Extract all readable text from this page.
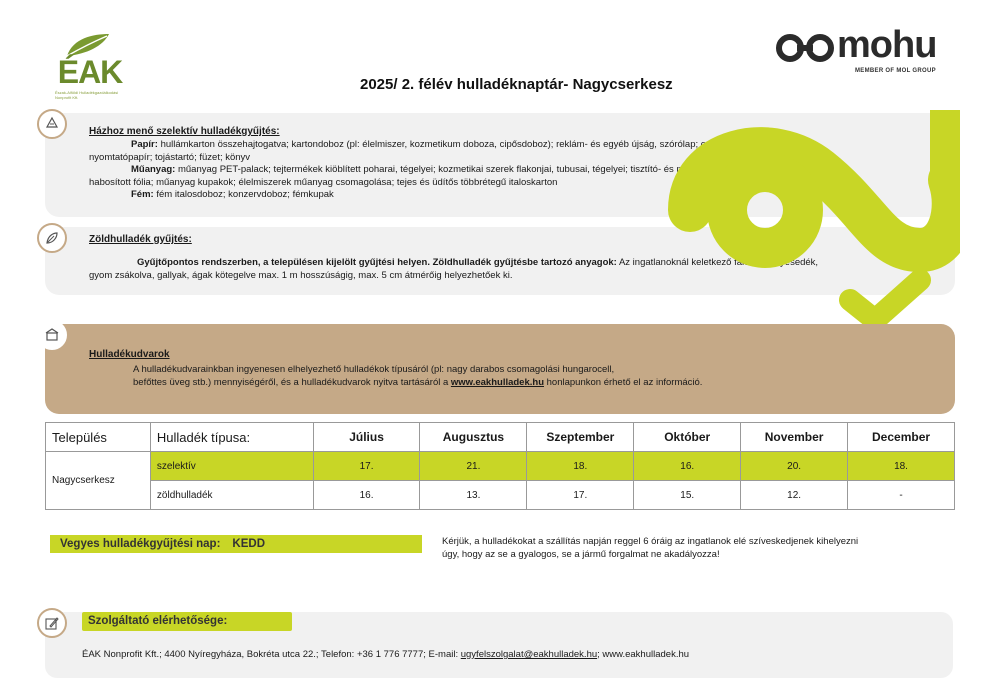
ÉAK
Észak-Alföldi Hulladékgazdálkodási Nonprofit Kft.
mohu
MEMBER OF MOL GROUP
2025/ 2. félév hulladéknaptár- Nagycserkesz
Házhoz menő szelektív hulladékgyűjtés:
Papír: hullámkarton összehajtogatva; kartondoboz (pl: élelmiszer, kozmetikum doboza, cipősdoboz); reklám- és egyéb újság, szórólap; csomagolópapír;
nyomtatópapír; tojástartó; füzet; könyv
Műanyag: műanyag PET-palack; tejtermékek kiöblített poharai, tégelyei; kozmetikai szerek flakonjai, tubusai, tégelyei; tisztító- és mosószerek csomagolásai; fólia,
habosított fólia; műanyag kupakok; élelmiszerek műanyag csomagolása; tejes és üdítős többrétegű italoskarton
Fém: fém italosdoboz; konzervdoboz; fémkupak
Zöldhulladék gyűjtés:
Gyűjtőpontos rendszerben, a településen kijelölt gyűjtési helyen. Zöldhulladék gyűjtésbe tartozó anyagok: Az ingatlanoknál keletkező falevél, fűnyesedék,
gyom zsákolva, gallyak, ágak kötegelve max. 1 m hosszúságig, max. 5 cm átmérőig helyezhetőek ki.
Hulladékudvarok
A hulladékudvarainkban ingyenesen elhelyezhető hulladékok típusáról (pl: nagy darabos csomagolási hungarocell,
befőttes üveg stb.) mennyiségéről, és a hulladékudvarok nyitva tartásáról a www.eakhulladek.hu honlapunkon érhető el az információ.
Település	Hulladék típusa:	Július	Augusztus	Szeptember	Október	November	December
Nagycserkesz	szelektív	17.	21.	18.	16.	20.	18.
	zöldhulladék	16.	13.	17.	15.	12.	-
Vegyes hulladékgyűjtési nap: KEDD	Kérjük, a hulladékokat a szállítás napján reggel 6 óráig az ingatlanok elé szíveskedjenek kihelyezni
úgy, hogy az se a gyalogos, se a jármű forgalmat ne akadályozza!
Szolgáltató elérhetősége:
ÉAK Nonprofit Kft.; 4400 Nyíregyháza, Bokréta utca 22.; Telefon: +36 1 776 7777; E-mail: ugyfelszolgalat@eakhulladek.hu; www.eakhulladek.hu
